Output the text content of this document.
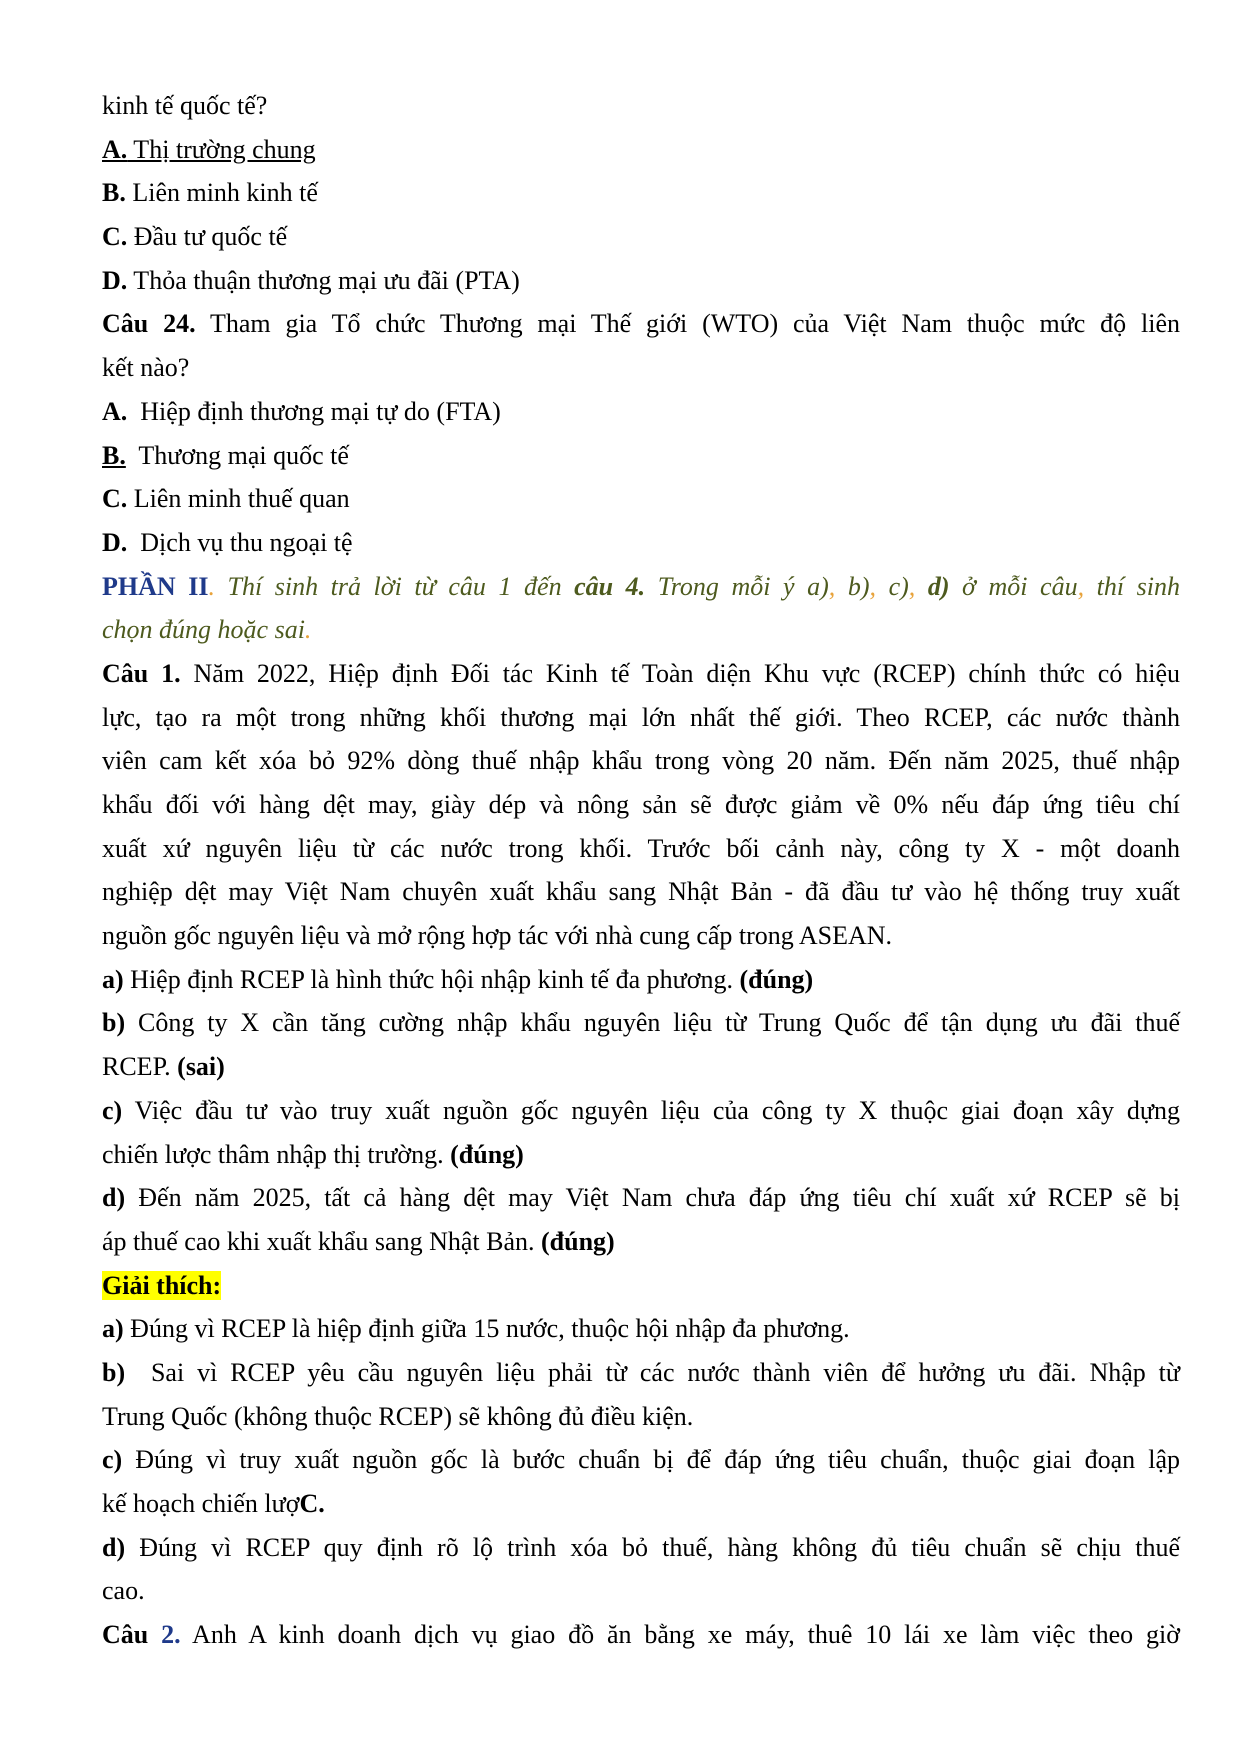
kinh tế quốc tế?
A. Thị trường chung
B. Liên minh kinh tế
C. Đầu tư quốc tế
D. Thỏa thuận thương mại ưu đãi (PTA)
Câu 24. Tham gia Tổ chức Thương mại Thế giới (WTO) của Việt Nam thuộc mức độ liên
kết nào?
A.  Hiệp định thương mại tự do (FTA)
B.  Thương mại quốc tế
C. Liên minh thuế quan
D.  Dịch vụ thu ngoại tệ
PHẦN II. Thí sinh trả lời từ câu 1 đến câu 4. Trong mỗi ý a), b), c), d) ở mỗi câu, thí sinh
chọn đúng hoặc sai.
Câu 1. Năm 2022, Hiệp định Đối tác Kinh tế Toàn diện Khu vực (RCEP) chính thức có hiệu
lực, tạo ra một trong những khối thương mại lớn nhất thế giới. Theo RCEP, các nước thành
viên cam kết xóa bỏ 92% dòng thuế nhập khẩu trong vòng 20 năm. Đến năm 2025, thuế nhập
khẩu đối với hàng dệt may, giày dép và nông sản sẽ được giảm về 0% nếu đáp ứng tiêu chí
xuất xứ nguyên liệu từ các nước trong khối. Trước bối cảnh này, công ty X - một doanh
nghiệp dệt may Việt Nam chuyên xuất khẩu sang Nhật Bản - đã đầu tư vào hệ thống truy xuất
nguồn gốc nguyên liệu và mở rộng hợp tác với nhà cung cấp trong ASEAN.
a) Hiệp định RCEP là hình thức hội nhập kinh tế đa phương. (đúng)
b) Công ty X cần tăng cường nhập khẩu nguyên liệu từ Trung Quốc để tận dụng ưu đãi thuế
RCEP. (sai)
c) Việc đầu tư vào truy xuất nguồn gốc nguyên liệu của công ty X thuộc giai đoạn xây dựng
chiến lược thâm nhập thị trường. (đúng)
d) Đến năm 2025, tất cả hàng dệt may Việt Nam chưa đáp ứng tiêu chí xuất xứ RCEP sẽ bị
áp thuế cao khi xuất khẩu sang Nhật Bản. (đúng)
Giải thích:
a) Đúng vì RCEP là hiệp định giữa 15 nước, thuộc hội nhập đa phương.
b)  Sai vì RCEP yêu cầu nguyên liệu phải từ các nước thành viên để hưởng ưu đãi. Nhập từ
Trung Quốc (không thuộc RCEP) sẽ không đủ điều kiện.
c) Đúng vì truy xuất nguồn gốc là bước chuẩn bị để đáp ứng tiêu chuẩn, thuộc giai đoạn lập
kế hoạch chiến lượC.
d) Đúng vì RCEP quy định rõ lộ trình xóa bỏ thuế, hàng không đủ tiêu chuẩn sẽ chịu thuế
cao.
Câu 2. Anh A kinh doanh dịch vụ giao đồ ăn bằng xe máy, thuê 10 lái xe làm việc theo giờ
